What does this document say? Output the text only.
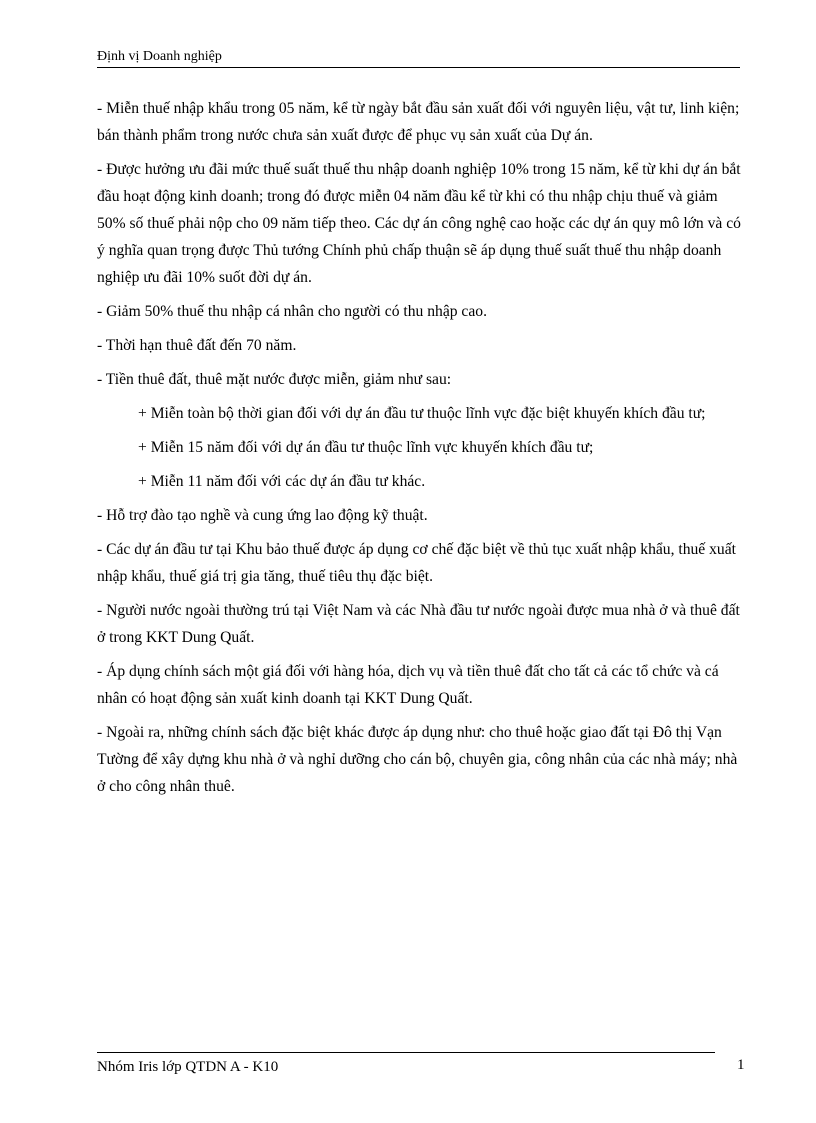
Định vị Doanh nghiệp

- Miễn thuế nhập khẩu trong 05 năm, kể từ ngày bắt đầu sản xuất đối với nguyên liệu, vật tư, linh kiện; bán thành phẩm trong nước chưa sản xuất được để phục vụ sản xuất của Dự án.

- Được hưởng ưu đãi mức thuế suất thuế thu nhập doanh nghiệp 10% trong 15 năm, kể từ khi dự án bắt đầu hoạt động kinh doanh; trong đó được miễn 04 năm đầu kể từ khi có thu nhập chịu thuế và giảm 50% số thuế phải nộp cho 09 năm tiếp theo. Các dự án công nghệ cao hoặc các dự án quy mô lớn và có ý nghĩa quan trọng được Thủ tướng Chính phủ chấp thuận sẽ áp dụng thuế suất thuế thu nhập doanh nghiệp ưu đãi 10% suốt đời dự án.

- Giảm 50% thuế thu nhập cá nhân cho người có thu nhập cao.

- Thời hạn thuê đất đến 70 năm.

- Tiền thuê đất, thuê mặt nước được miễn, giảm như sau:

+ Miễn toàn bộ thời gian đối với dự án đầu tư thuộc lĩnh vực đặc biệt khuyến khích đầu tư;

+ Miễn 15 năm đối với dự án đầu tư thuộc lĩnh vực khuyến khích đầu tư;

+ Miễn 11 năm đối với các dự án đầu tư khác.

- Hỗ trợ đào tạo nghề và cung ứng lao động kỹ thuật.

- Các dự án đầu tư tại Khu bảo thuế được áp dụng cơ chế đặc biệt về thủ tục xuất nhập khẩu, thuế xuất nhập khẩu, thuế giá trị gia tăng, thuế tiêu thụ đặc biệt.

- Người nước ngoài thường trú tại Việt Nam và các Nhà đầu tư nước ngoài được mua nhà ở và thuê đất ở trong KKT Dung Quất.

- Áp dụng chính sách một giá đối với hàng hóa, dịch vụ và tiền thuê đất cho tất cả các tổ chức và cá nhân có hoạt động sản xuất kinh doanh tại KKT Dung Quất.

- Ngoài ra, những chính sách đặc biệt khác được áp dụng như: cho thuê hoặc giao đất tại Đô thị Vạn Tường để xây dựng khu nhà ở và nghỉ dưỡng cho cán bộ, chuyên gia, công nhân của các nhà máy; nhà ở cho công nhân thuê.

Nhóm Iris lớp QTDN A - K10	1
